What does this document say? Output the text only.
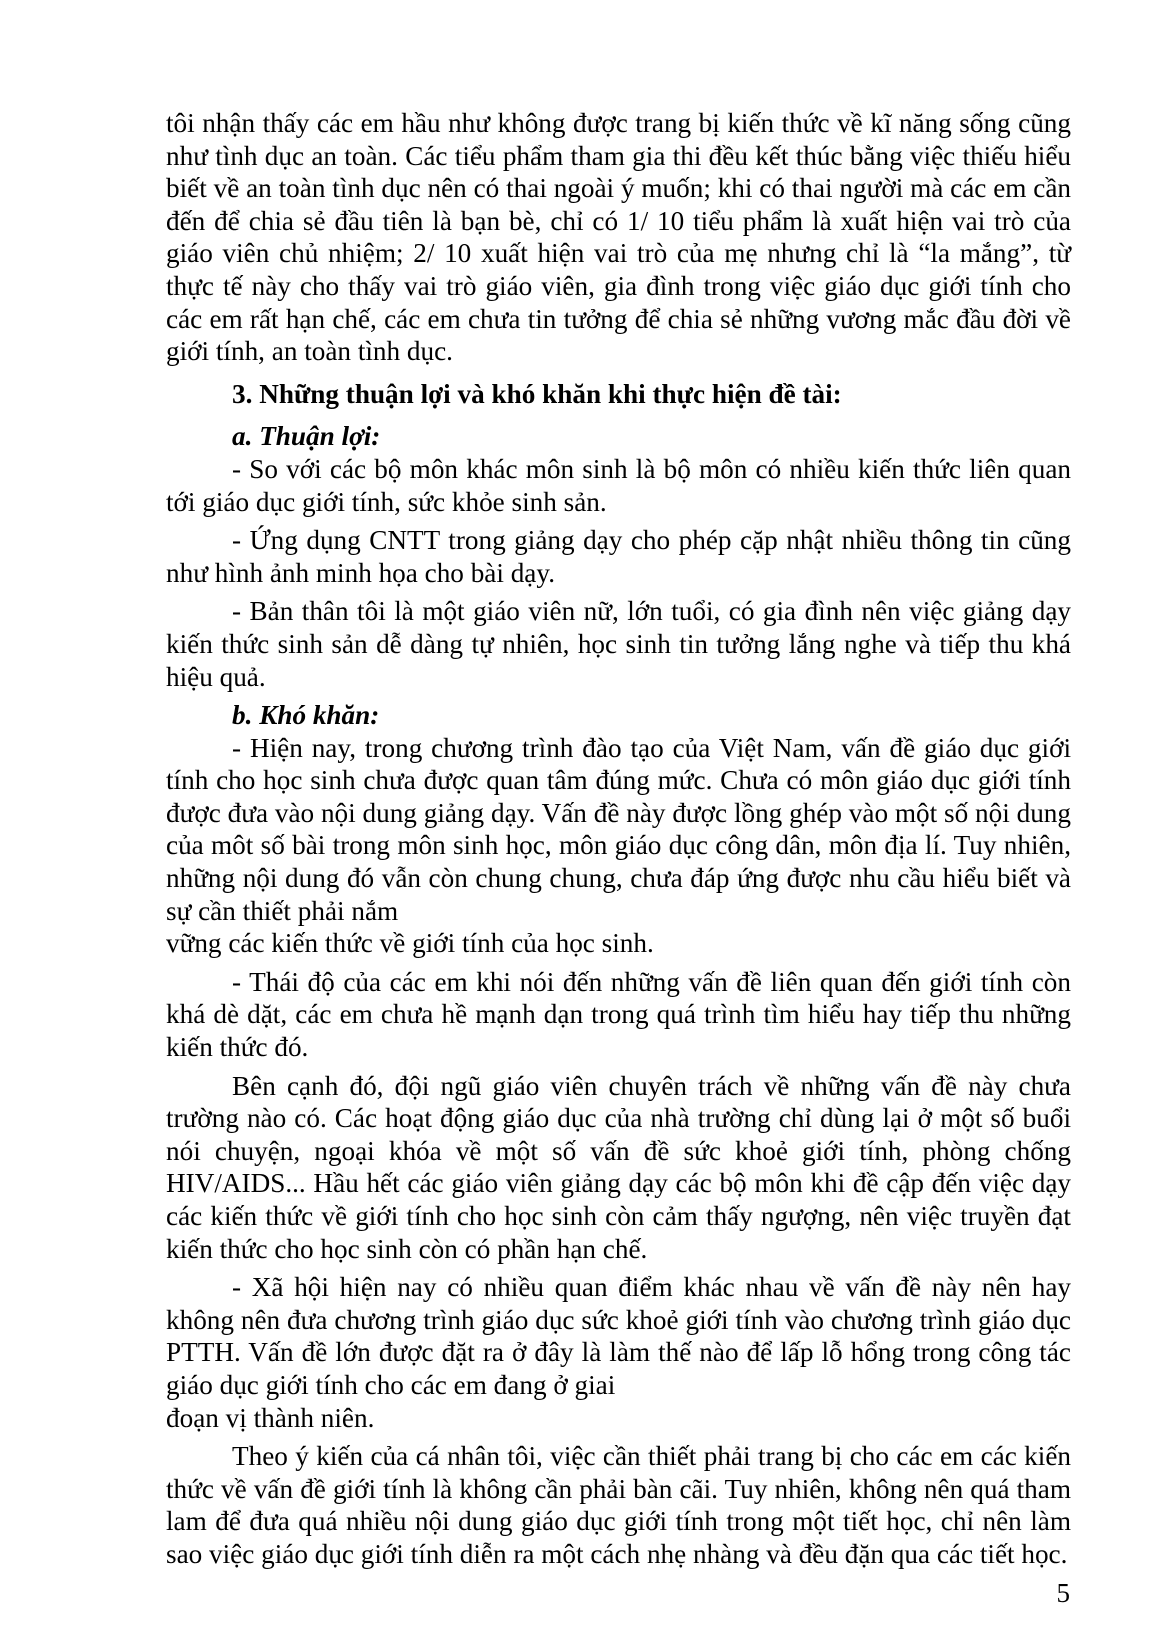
tôi nhận thấy các em hầu như không được trang bị kiến thức về kĩ năng sống cũng

như tình dục an toàn. Các tiểu phẩm tham gia thi đều kết thúc bằng việc thiếu hiểu

biết về an toàn tình dục nên có thai ngoài ý muốn; khi có thai người mà các em cần

đến để chia sẻ đầu tiên là bạn bè, chỉ có 1/ 10 tiểu phẩm là xuất hiện vai trò của

giáo viên chủ nhiệm; 2/ 10 xuất hiện vai trò của mẹ nhưng chỉ là “la mắng”, từ

thực tế này cho thấy vai trò giáo viên, gia đình trong việc giáo dục giới tính cho

các em rất hạn chế, các em chưa tin tưởng để chia sẻ những vương mắc đầu đời về

giới tính, an toàn tình dục.

3. Những thuận lợi và khó khăn khi thực hiện đề tài:

a. Thuận lợi:

- So với các bộ môn khác môn sinh là bộ môn có nhiều kiến thức liên quan tới giáo dục giới tính, sức khỏe sinh sản.

- Ứng dụng CNTT trong giảng dạy cho phép cặp nhật nhiều thông tin cũng như hình ảnh minh họa cho bài dạy.

- Bản thân tôi là một giáo viên nữ, lớn tuổi, có gia đình nên việc giảng dạy kiến thức sinh sản dễ dàng tự nhiên, học sinh tin tưởng lắng nghe và tiếp thu khá hiệu quả.

b. Khó khăn:

- Hiện nay, trong chương trình đào tạo của Việt Nam, vấn đề giáo dục giới

tính cho học sinh chưa được quan tâm đúng mức. Chưa có môn giáo dục giới tính

được đưa vào nội dung giảng dạy. Vấn đề này được lồng ghép vào một số nội dung

của môt số bài trong môn sinh học, môn giáo dục công dân, môn địa lí. Tuy nhiên,

những nội dung đó vẫn còn chung chung, chưa đáp ứng được nhu cầu hiểu biết và

sự cần thiết phải nắm

vững các kiến thức về giới tính của học sinh.

- Thái độ của các em khi nói đến những vấn đề liên quan đến giới tính còn khá dè dặt, các em chưa hề mạnh dạn trong quá trình tìm hiểu hay tiếp thu những kiến thức đó.

Bên cạnh đó, đội ngũ giáo viên chuyên trách về những vấn đề này chưa trường nào có. Các hoạt động giáo dục của nhà trường chỉ dùng lại ở một số buổi nói chuyện, ngoại khóa về một số vấn đề sức khoẻ giới tính, phòng chống HIV/AIDS... Hầu hết các giáo viên giảng dạy các bộ môn khi đề cập đến việc dạy các kiến thức về giới tính cho học sinh còn cảm thấy ngượng, nên việc truyền đạt kiến thức cho học sinh còn có phần hạn chế.

- Xã hội hiện nay có nhiều quan điểm khác nhau về vấn đề này nên hay

không nên đưa chương trình giáo dục sức khoẻ giới tính vào chương trình giáo dục

PTTH. Vấn đề lớn được đặt ra ở đây là làm thế nào để lấp lỗ hổng trong công tác

giáo dục giới tính cho các em đang ở giai

đoạn vị thành niên.

Theo ý kiến của cá nhân tôi, việc cần thiết phải trang bị cho các em các kiến thức về vấn đề giới tính là không cần phải bàn cãi. Tuy nhiên, không nên quá tham lam để đưa quá nhiều nội dung giáo dục giới tính trong một tiết học, chỉ nên làm sao việc giáo dục giới tính diễn ra một cách nhẹ nhàng và đều đặn qua các tiết học.

5
